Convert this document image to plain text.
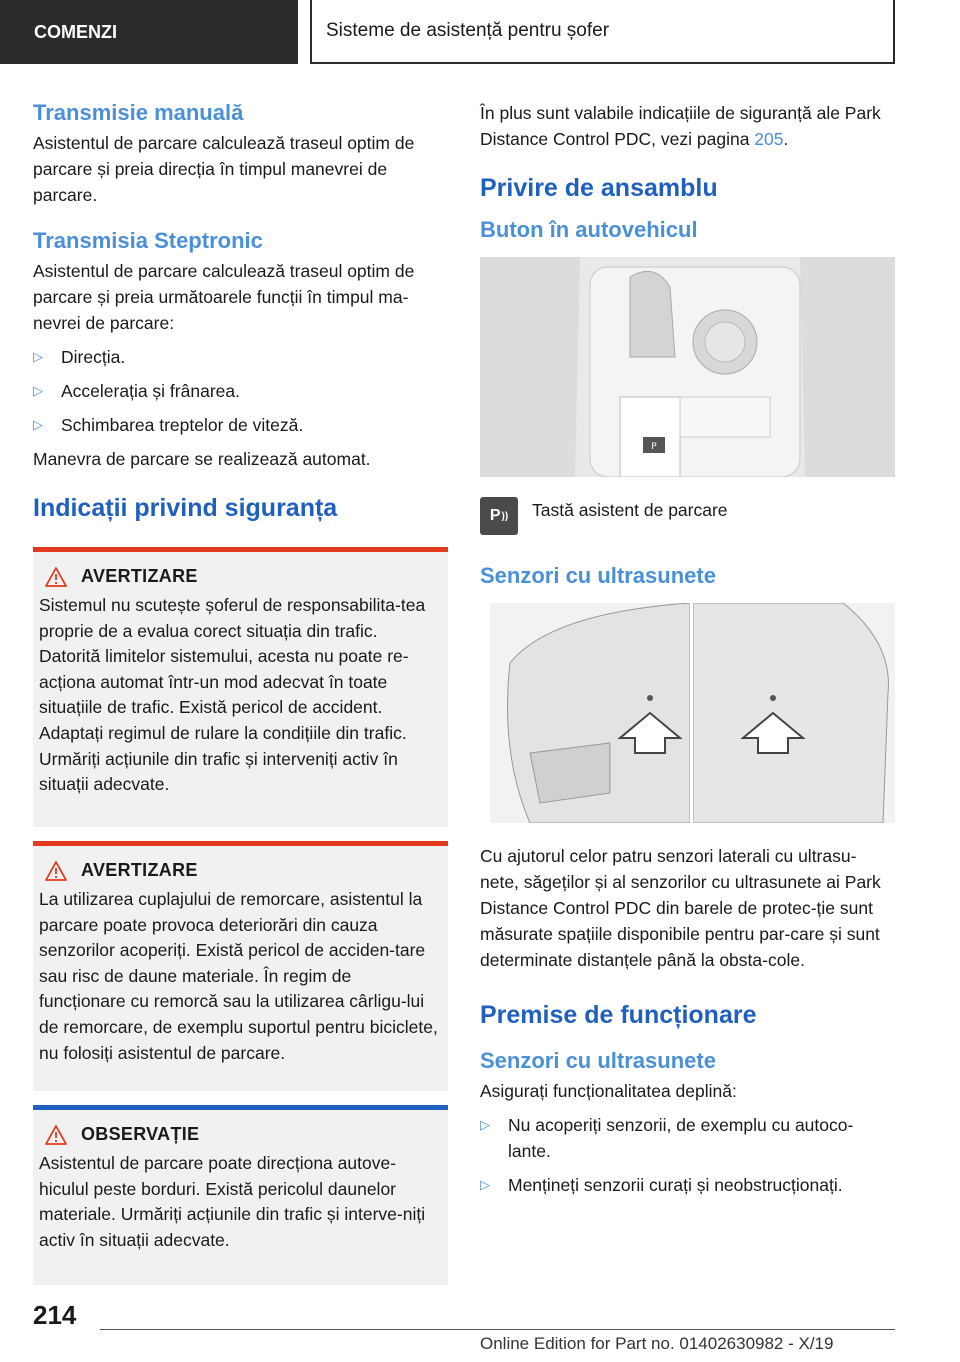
COMENZI	Sisteme de asistență pentru șofer
Transmisie manuală

Asistentul de parcare calculează traseul optim de parcare și preia direcția în timpul manevrei de parcare.

Transmisia Steptronic

Asistentul de parcare calculează traseul optim de parcare și preia următoarele funcții în timpul ma-nevrei de parcare:

▷	Direcția.
▷	Accelerația și frânarea.
▷	Schimbarea treptelor de viteză.

Manevra de parcare se realizează automat.

Indicații privind siguranța
AVERTIZARE

Sistemul nu scutește șoferul de responsabilita-tea proprie de a evalua corect situația din trafic. Datorită limitelor sistemului, acesta nu poate re-acționa automat într-un mod adecvat în toate situațiile de trafic. Există pericol de accident. Adaptați regimul de rulare la condițiile din trafic. Urmăriți acțiunile din trafic și interveniți activ în situații adecvate.

AVERTIZARE

La utilizarea cuplajului de remorcare, asistentul la parcare poate provoca deteriorări din cauza senzorilor acoperiți. Există pericol de acciden-tare sau risc de daune materiale. În regim de funcționare cu remorcă sau la utilizarea cârligu-lui de remorcare, de exemplu suportul pentru biciclete, nu folosiți asistentul de parcare.

OBSERVAȚIE

Asistentul de parcare poate direcționa autove-hiculul peste borduri. Există pericolul daunelor materiale. Urmăriți acțiunile din trafic și interve-niți activ în situații adecvate.

În plus sunt valabile indicațiile de siguranță ale Park Distance Control PDC, vezi pagina 205.

Privire de ansamblu
Buton în autovehicul
P
P )) Tastă asistent de parcare

Senzori cu ultrasunete

Cu ajutorul celor patru senzori laterali cu ultrasu-nete, săgeților și al senzorilor cu ultrasunete ai Park Distance Control PDC din barele de protec-ție sunt măsurate spațiile disponibile pentru par-care și sunt determinate distanțele până la obsta-cole.

Premise de funcționare
Senzori cu ultrasunete

Asigurați funcționalitatea deplină:

▷	Nu acoperiți senzorii, de exemplu cu autoco-lante.
▷	Mențineți senzorii curați și neobstrucționați.
214
Online Edition for Part no. 01402630982 - X/19
